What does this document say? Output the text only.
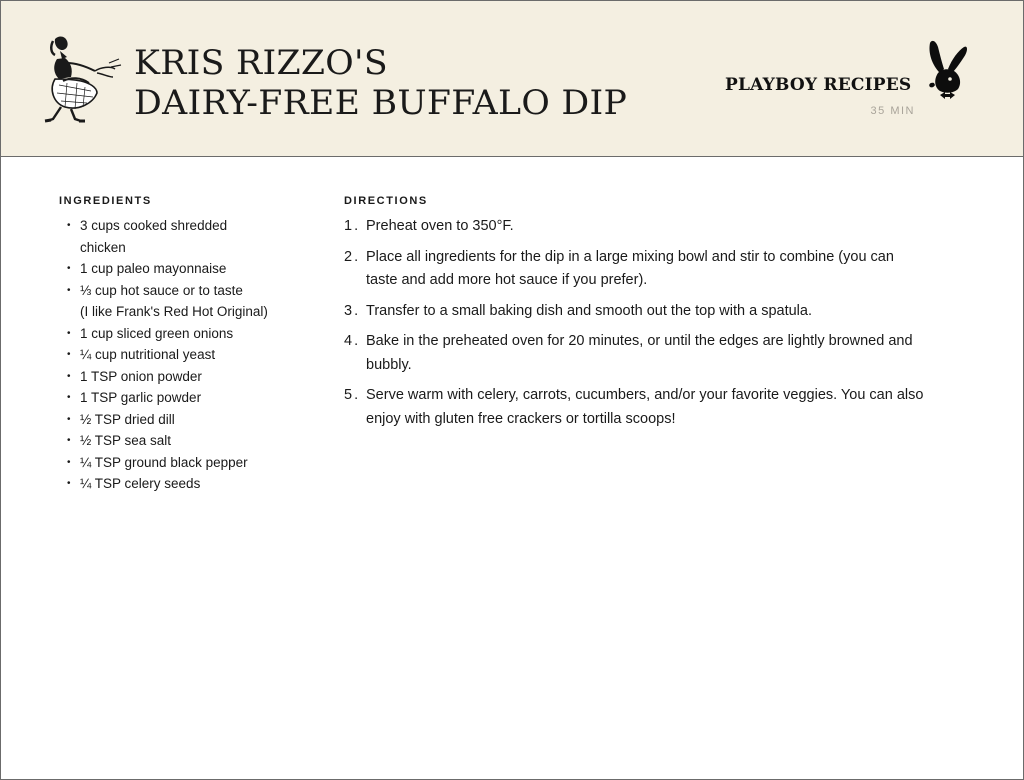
KRIS RIZZO'S
DAIRY-FREE BUFFALO DIP	PLAYBOY RECIPES
35 MIN
INGREDIENTS
• 3 cups cooked shredded
chicken
• 1 cup paleo mayonnaise
• ⅓ cup hot sauce or to taste
(I like Frank's Red Hot Original)
• 1 cup sliced green onions
• ¼ cup nutritional yeast
• 1 TSP onion powder
• 1 TSP garlic powder
• ½ TSP dried dill
• ½ TSP sea salt
• ¼ TSP ground black pepper
• ¼ TSP celery seeds
DIRECTIONS
1. Preheat oven to 350°F.
2. Place all ingredients for the dip in a large mixing bowl and stir to combine (you can
taste and add more hot sauce if you prefer).
3. Transfer to a small baking dish and smooth out the top with a spatula.
4. Bake in the preheated oven for 20 minutes, or until the edges are lightly browned and
bubbly.
5. Serve warm with celery, carrots, cucumbers, and/or your favorite veggies. You can also
enjoy with gluten free crackers or tortilla scoops!
